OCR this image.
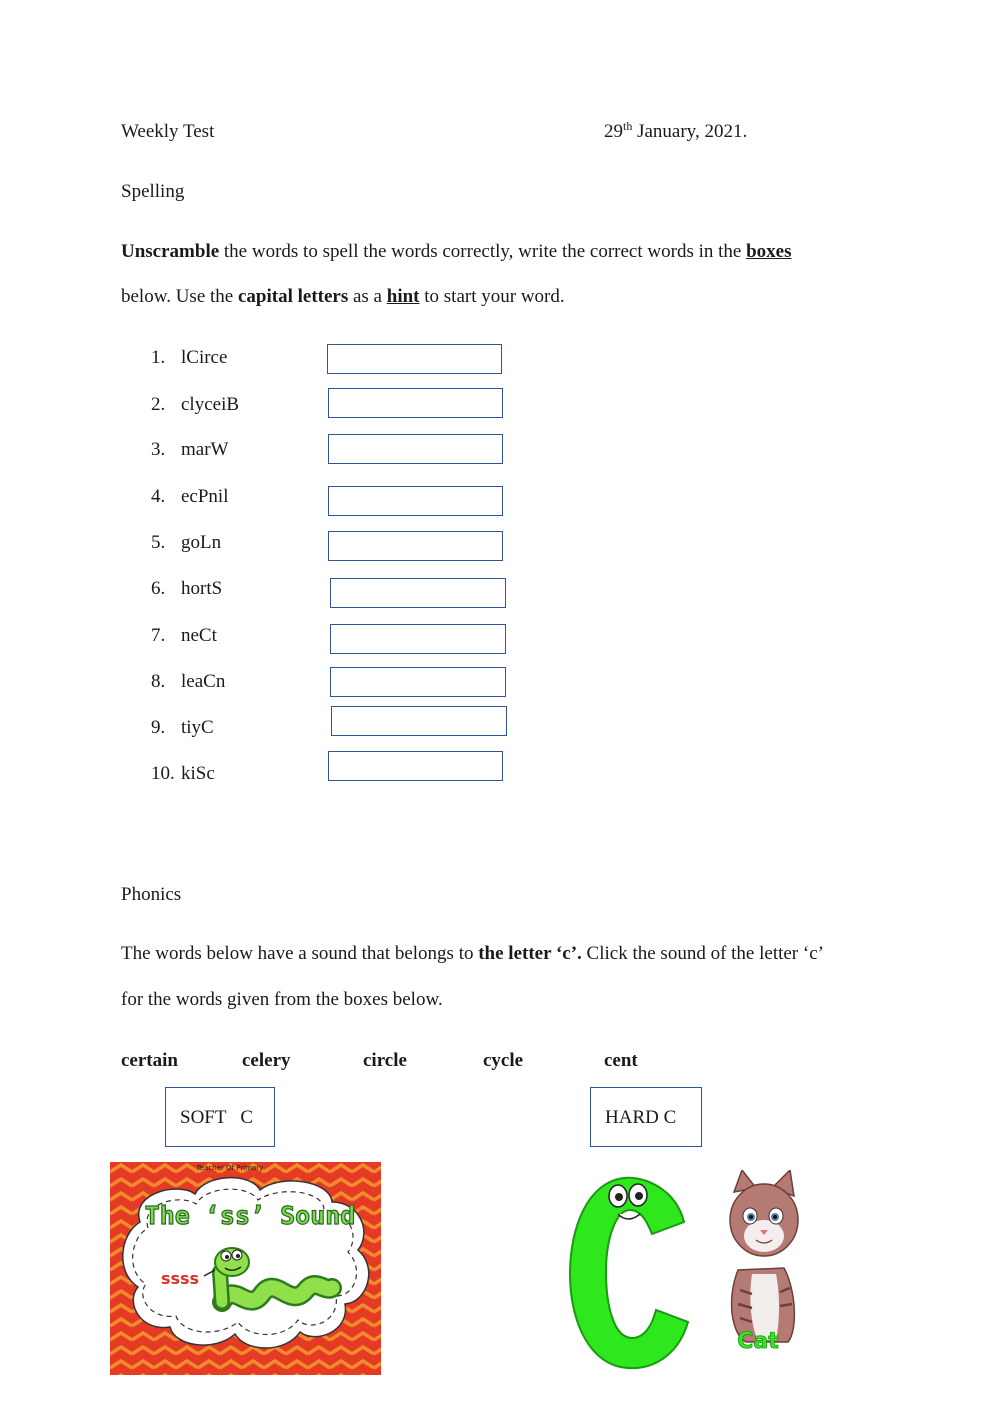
Weekly Test	29th January, 2021.
Spelling
Unscramble the words to spell the words correctly, write the correct words in the boxes
below. Use the capital letters as a hint to start your word.
1. lCirce
2. clyceiB
3. marW
4. ecPnil
5. goLn
6. hortS
7. neCt
8. leaCn
9. tiyC
10. kiSc
Phonics
The words below have a sound that belongs to the letter ‘c’. Click the sound of the letter ‘c’
for the words given from the boxes below.
certain	celery	circle	cycle	cent
SOFT   C	HARD C
Teacher Of Primary
The ‘ss’ Sound
ssss
Cat
